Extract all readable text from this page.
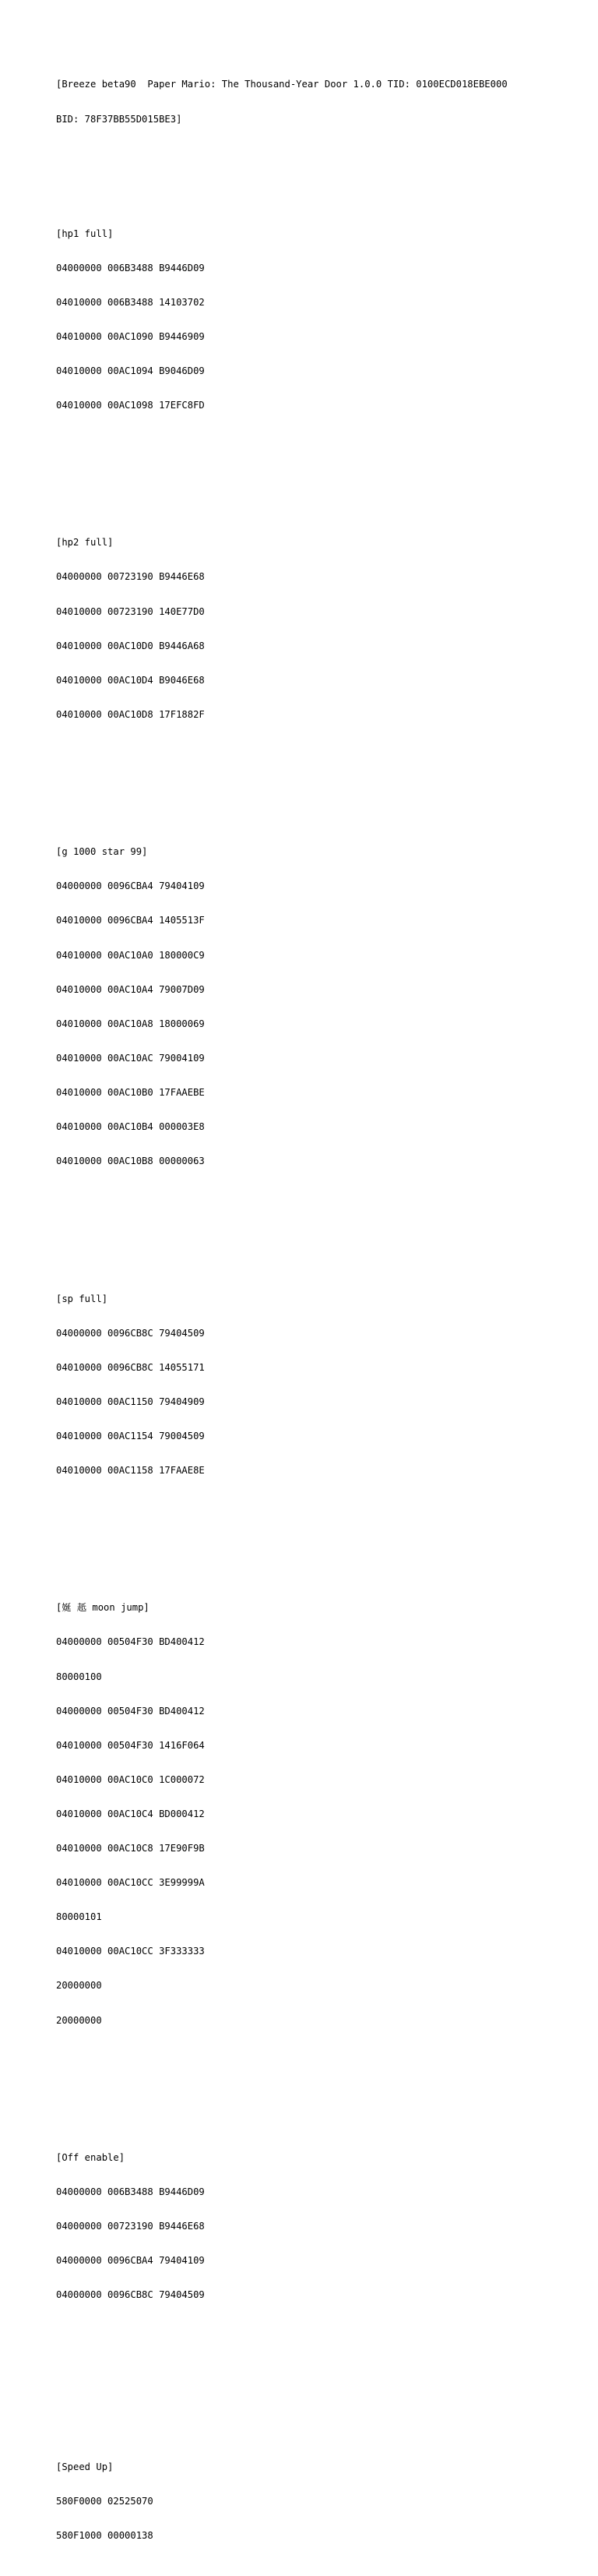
[Breeze beta90  Paper Mario: The Thousand-Year Door 1.0.0 TID: 0100ECD018EBE000

BID: 78F37BB55D015BE3]

[hp1 full]

04000000 006B3488 B9446D09

04010000 006B3488 14103702

04010000 00AC1090 B9446909

04010000 00AC1094 B9046D09

04010000 00AC1098 17EFC8FD

[hp2 full]

04000000 00723190 B9446E68

04010000 00723190 140E77D0

04010000 00AC10D0 B9446A68

04010000 00AC10D4 B9046E68

04010000 00AC10D8 17F1882F

[g 1000 star 99]

04000000 0096CBA4 79404109

04010000 0096CBA4 1405513F

04010000 00AC10A0 180000C9

04010000 00AC10A4 79007D09

04010000 00AC10A8 18000069

04010000 00AC10AC 79004109

04010000 00AC10B0 17FAAEBE

04010000 00AC10B4 000003E8

04010000 00AC10B8 00000063

[sp full]

04000000 0096CB8C 79404509

04010000 0096CB8C 14055171

04010000 00AC1150 79404909

04010000 00AC1154 79004509

04010000 00AC1158 17FAAE8E

[娫 赿 moon jump]

04000000 00504F30 BD400412

80000100

04000000 00504F30 BD400412

04010000 00504F30 1416F064

04010000 00AC10C0 1C000072

04010000 00AC10C4 BD000412

04010000 00AC10C8 17E90F9B

04010000 00AC10CC 3E99999A

80000101

04010000 00AC10CC 3F333333

20000000

20000000

[Off enable]

04000000 006B3488 B9446D09

04000000 00723190 B9446E68

04000000 0096CBA4 79404109

04000000 0096CB8C 79404509

[Speed Up]

580F0000 02525070

580F1000 00000138
